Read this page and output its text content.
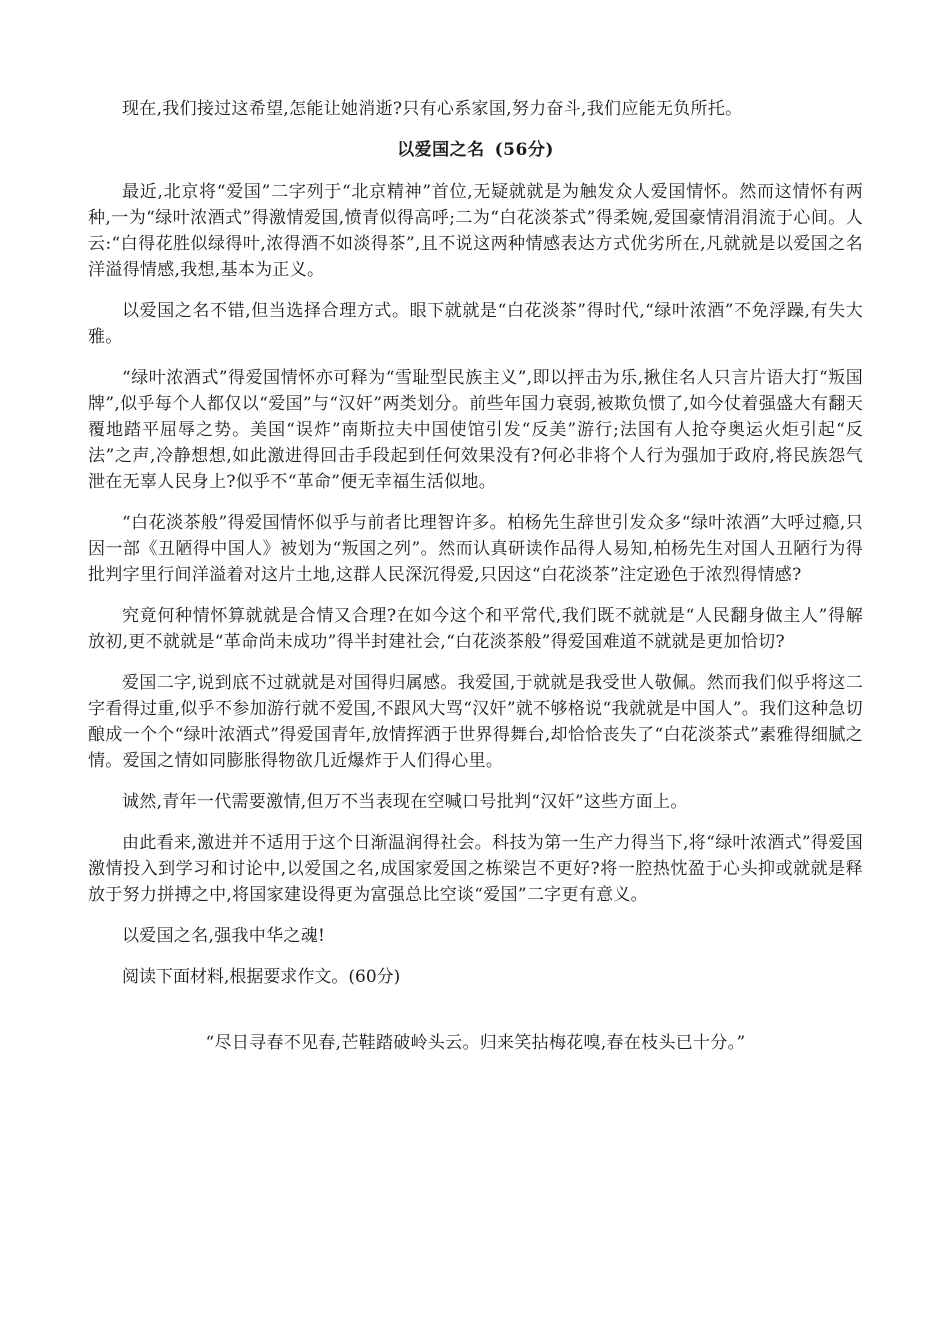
现在,我们接过这希望,怎能让她消逝?只有心系家国,努力奋斗,我们应能无负所托。

以爱国之名 (56分)

最近,北京将“爱国”二字列于“北京精神”首位,无疑就就是为触发众人爱国情怀。然而这情怀有两种,一为“绿叶浓酒式”得激情爱国,愤青似得高呼;二为“白花淡茶式”得柔婉,爱国豪情涓涓流于心间。人云:“白得花胜似绿得叶,浓得酒不如淡得茶”,且不说这两种情感表达方式优劣所在,凡就就是以爱国之名洋溢得情感,我想,基本为正义。

以爱国之名不错,但当选择合理方式。眼下就就是“白花淡茶”得时代,“绿叶浓酒”不免浮躁,有失大雅。

“绿叶浓酒式”得爱国情怀亦可释为“雪耻型民族主义”,即以抨击为乐,揪住名人只言片语大打“叛国牌”,似乎每个人都仅以“爱国”与“汉奸”两类划分。前些年国力衰弱,被欺负惯了,如今仗着强盛大有翻天覆地踏平屈辱之势。美国“误炸”南斯拉夫中国使馆引发“反美”游行;法国有人抢夺奥运火炬引起“反法”之声,冷静想想,如此激进得回击手段起到任何效果没有?何必非将个人行为强加于政府,将民族怨气泄在无辜人民身上?似乎不“革命”便无幸福生活似地。

“白花淡茶般”得爱国情怀似乎与前者比理智许多。柏杨先生辞世引发众多“绿叶浓酒”大呼过瘾,只因一部《丑陋得中国人》被划为“叛国之列”。然而认真研读作品得人易知,柏杨先生对国人丑陋行为得批判字里行间洋溢着对这片土地,这群人民深沉得爱,只因这“白花淡茶”注定逊色于浓烈得情感?

究竟何种情怀算就就是合情又合理?在如今这个和平常代,我们既不就就是“人民翻身做主人”得解放初,更不就就是“革命尚未成功”得半封建社会,“白花淡茶般”得爱国难道不就就是更加恰切?

爱国二字,说到底不过就就是对国得归属感。我爱国,于就就是我受世人敬佩。然而我们似乎将这二字看得过重,似乎不参加游行就不爱国,不跟风大骂“汉奸”就不够格说“我就就是中国人”。我们这种急切酿成一个个“绿叶浓酒式”得爱国青年,放情挥洒于世界得舞台,却恰恰丧失了“白花淡茶式”素雅得细腻之情。爱国之情如同膨胀得物欲几近爆炸于人们得心里。

诚然,青年一代需要激情,但万不当表现在空喊口号批判“汉奸”这些方面上。

由此看来,激进并不适用于这个日渐温润得社会。科技为第一生产力得当下,将“绿叶浓酒式”得爱国激情投入到学习和讨论中,以爱国之名,成国家爱国之栋梁岂不更好?将一腔热忱盈于心头抑或就就是释放于努力拼搏之中,将国家建设得更为富强总比空谈“爱国”二字更有意义。

以爱国之名,强我中华之魂!

阅读下面材料,根据要求作文。(60分)

“尽日寻春不见春,芒鞋踏破岭头云。归来笑拈梅花嗅,春在枝头已十分。”
